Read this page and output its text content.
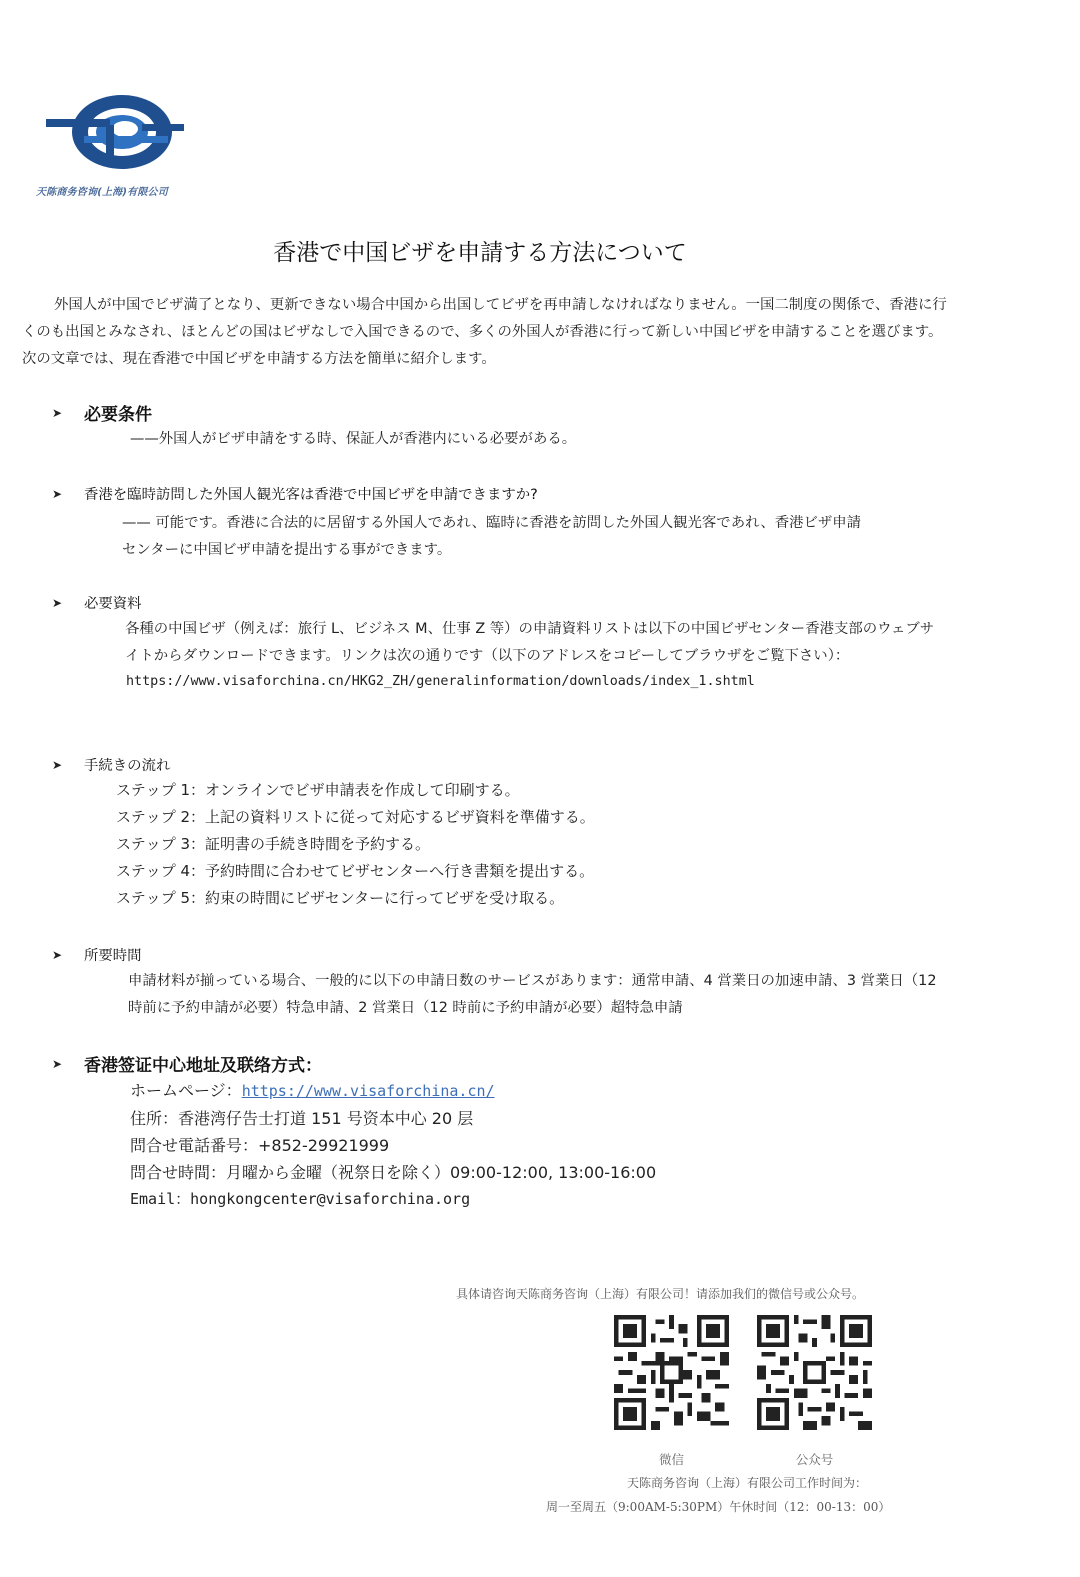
天陈商务咨询(上海)有限公司
香港で中国ビザを申請する方法について
外国人が中国でビザ満了となり、更新できない場合中国から出国してビザを再申請しなければなりません。一国二制度の関係で、香港に行くのも出国とみなされ、ほとんどの国はビザなしで入国できるので、多くの外国人が香港に行って新しい中国ビザを申請することを選びます。次の文章では、現在香港で中国ビザを申請する方法を簡単に紹介します。
➤ 必要条件
——外国人がビザ申請をする時、保証人が香港内にいる必要がある。
➤ 香港を臨時訪問した外国人観光客は香港で中国ビザを申請できますか?
—— 可能です。香港に合法的に居留する外国人であれ、臨時に香港を訪問した外国人観光客であれ、香港ビザ申請
センターに中国ビザ申請を提出する事ができます。
➤ 必要資料
各種の中国ビザ（例えば：旅行 L、ビジネス M、仕事 Z 等）の申請資料リストは以下の中国ビザセンター香港支部のウェブサイトからダウンロードできます。リンクは次の通りです（以下のアドレスをコピーしてブラウザをご覧下さい）：
https://www.visaforchina.cn/HKG2_ZH/generalinformation/downloads/index_1.shtml
➤ 手続きの流れ
ステップ 1：オンラインでビザ申請表を作成して印刷する。
ステップ 2：上記の資料リストに従って対応するビザ資料を準備する。
ステップ 3：証明書の手続き時間を予約する。
ステップ 4：予約時間に合わせてビザセンターへ行き書類を提出する。
ステップ 5：約束の時間にビザセンターに行ってビザを受け取る。
➤ 所要時間
申請材料が揃っている場合、一般的に以下の申請日数のサービスがあります：通常申請、4 営業日の加速申請、3 営業日（12 時前に予約申請が必要）特急申請、2 営業日（12 時前に予約申請が必要）超特急申請
➤ 香港签证中心地址及联络方式：
ホームページ：https://www.visaforchina.cn/
住所：香港湾仔告士打道 151 号资本中心 20 层
問合せ電話番号：+852-29921999
問合せ時間：月曜から金曜（祝祭日を除く）09:00-12:00, 13:00-16:00
Email：hongkongcenter@visaforchina.org
具体请咨询天陈商务咨询（上海）有限公司！请添加我们的微信号或公众号。
微信	公众号
天陈商务咨询（上海）有限公司工作时间为：
周一至周五（9:00AM-5:30PM）午休时间（12：00-13：00）
